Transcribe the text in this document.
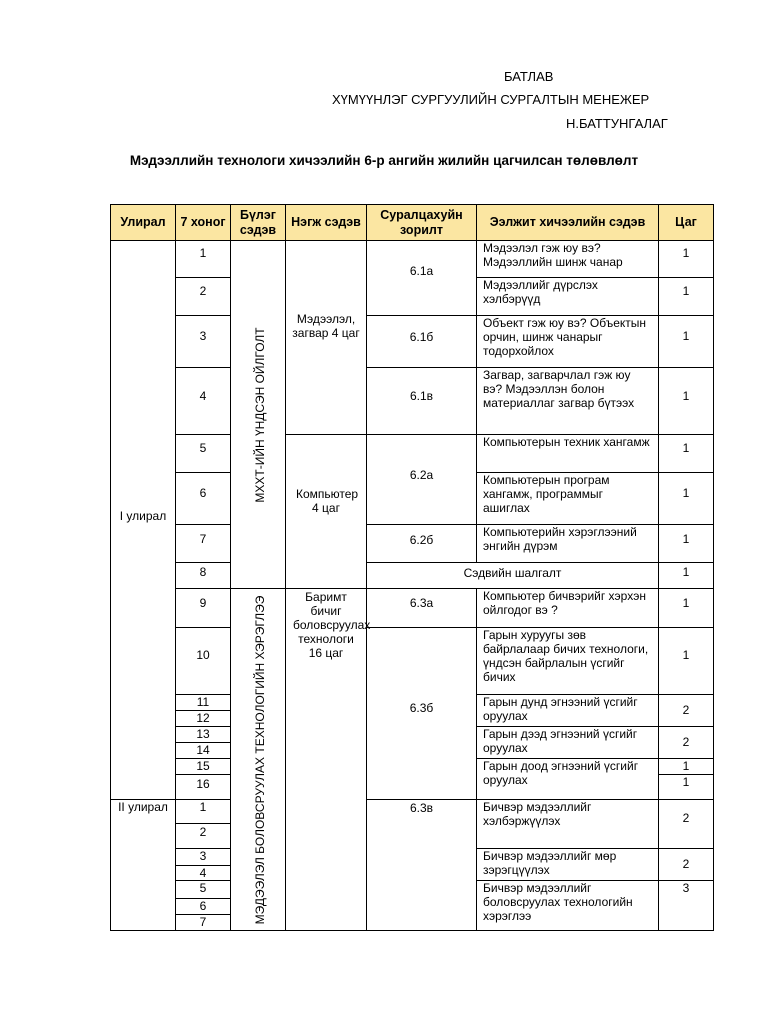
БАТЛАВ
ХҮМҮҮНЛЭГ СУРГУУЛИЙН СУРГАЛТЫН МЕНЕЖЕР
Н.БАТТУНГАЛАГ
Мэдээллийн технологи хичээлийн 6-р ангийн жилийн цагчилсан төлөвлөлт
Улирал	7 хоног
Бүлэг сэдэв
Нэгж сэдэв
Суралцахуйн зорилт
Ээлжит хичээлийн сэдэв	Цаг
I улирал
II улирал
1
2
3
4
5
6
7
8
9
10
11
12
13
14
15
16
1
2
3
4
5
6
7
МХХТ-ИЙН ҮНДСЭН ОЙЛГОЛТ
МЭДЭЭЛЭЛ БОЛОВСРУУЛАХ ТЕХНОЛОГИЙН ХЭРЭГЛЭЭ
Мэдээлэл, загвар 4 цаг
Компьютер 4 цаг
Баримт бичиг боловсруулах технологи 16 цаг
6.1а
6.1б
6.1в
6.2а
6.2б
6.3а
6.3б
6.3в
Сэдвийн шалгалт
Мэдээлэл гэж юу вэ? Мэдээллийн шинж чанар
Мэдээллийг дүрслэх хэлбэрүүд
Объект гэж юу вэ? Объектын орчин, шинж чанарыг тодорхойлох
Загвар, загварчлал гэж юу вэ? Мэдээллэн болон материаллаг загвар бүтээх
Компьютерын техник хангамж
Компьютерын програм хангамж, программыг ашиглах
Компьютерийн хэрэглээний энгийн дүрэм
Компьютер бичвэрийг хэрхэн ойлгодог вэ ?
Гарын хуруугы зөв байрлалаар бичих технологи, үндсэн байрлалын үсгийг бичих
Гарын дунд эгнээний үсгийг оруулах
Гарын дээд эгнээний үсгийг оруулах
Гарын доод эгнээний үсгийг оруулах
Бичвэр мэдээллийг хэлбэржүүлэх
Бичвэр мэдээллийг мөр зэрэгцүүлэх
Бичвэр мэдээллийг боловсруулах технологийн хэрэглээ
1
1
1
1
1
1
1
1
1
1
2
2
1
1
2
2
3
